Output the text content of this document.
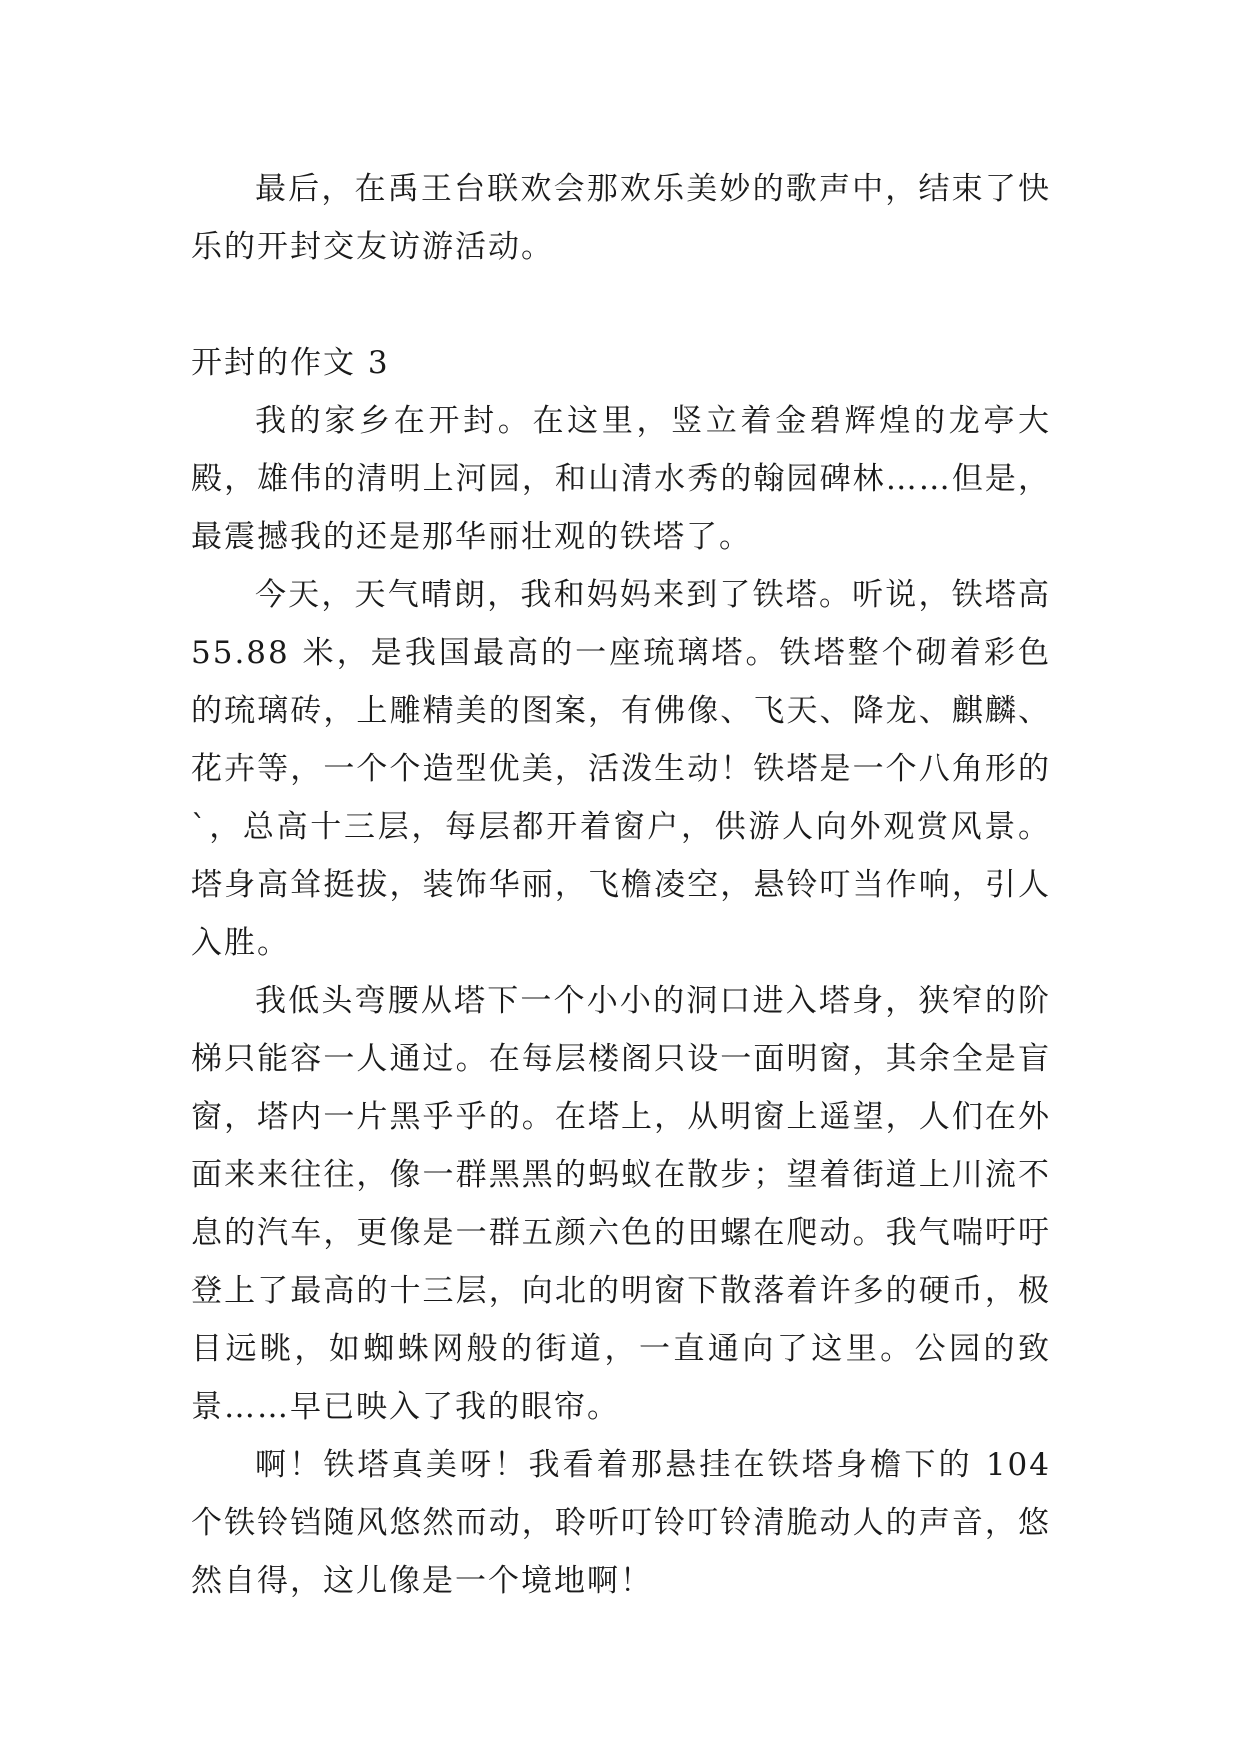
最后，在禹王台联欢会那欢乐美妙的歌声中，结束了快乐的开封交友访游活动。

开封的作文 3

我的家乡在开封。在这里，竖立着金碧辉煌的龙亭大殿，雄伟的清明上河园，和山清水秀的翰园碑林……但是，最震撼我的还是那华丽壮观的铁塔了。

今天，天气晴朗，我和妈妈来到了铁塔。听说，铁塔高 55.88 米，是我国最高的一座琉璃塔。铁塔整个砌着彩色的琉璃砖，上雕精美的图案，有佛像、飞天、降龙、麒麟、花卉等，一个个造型优美，活泼生动！铁塔是一个八角形的`，总高十三层，每层都开着窗户，供游人向外观赏风景。塔身高耸挺拔，装饰华丽，飞檐凌空，悬铃叮当作响，引人入胜。

我低头弯腰从塔下一个小小的洞口进入塔身，狭窄的阶梯只能容一人通过。在每层楼阁只设一面明窗，其余全是盲窗，塔内一片黑乎乎的。在塔上，从明窗上遥望，人们在外面来来往往，像一群黑黑的蚂蚁在散步；望着街道上川流不息的汽车，更像是一群五颜六色的田螺在爬动。我气喘吁吁登上了最高的十三层，向北的明窗下散落着许多的硬币，极目远眺，如蜘蛛网般的街道，一直通向了这里。公园的致景……早已映入了我的眼帘。

啊！铁塔真美呀！我看着那悬挂在铁塔身檐下的 104 个铁铃铛随风悠然而动，聆听叮铃叮铃清脆动人的声音，悠然自得，这儿像是一个境地啊！
